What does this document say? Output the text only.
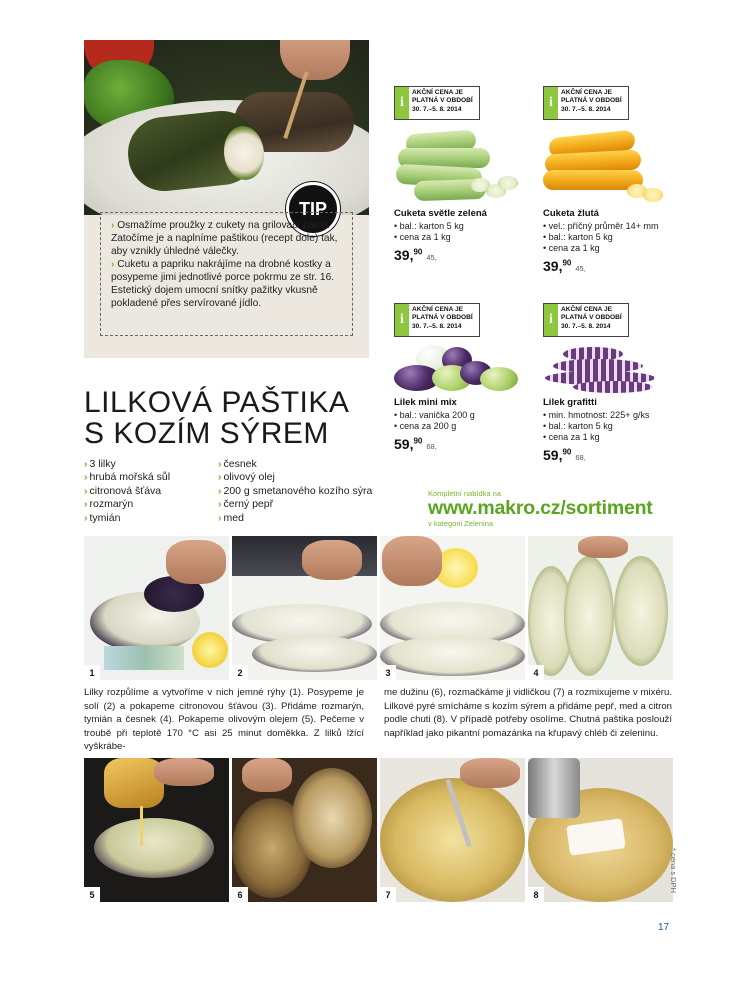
TIP

› Osmažíme proužky z cukety na grilovací pánvi. Zatočíme je a naplníme paštikou (recept dole) tak, aby vznikly úhledné válečky.

› Cuketu a papriku nakrájíme na drobné kostky a posypeme jimi jednotlivé porce pokrmu ze str. 16. Estetický dojem umocní snítky pažitky vkusně pokladené přes servírované jídlo.

i
AKČNÍ CENA JE
PLATNÁ V OBDOBÍ
30. 7.–5. 8. 2014
Cuketa světle zelená
• bal.: karton 5 kg
• cena za 1 kg
39,90
45,
i
AKČNÍ CENA JE
PLATNÁ V OBDOBÍ
30. 7.–5. 8. 2014
Cuketa žlutá
• vel.: příčný průměr 14+ mm
• bal.: karton 5 kg
• cena za 1 kg
39,90
45,
i
AKČNÍ CENA JE
PLATNÁ V OBDOBÍ
30. 7.–5. 8. 2014
Lilek mini mix
• bal.: vanička 200 g
• cena za 200 g
59,90
68,
i
AKČNÍ CENA JE
PLATNÁ V OBDOBÍ
30. 7.–5. 8. 2014
Lilek grafitti
• min. hmotnost: 225+ g/ks
• bal.: karton 5 kg
• cena za 1 kg
59,90
68,
LILKOVÁ PAŠTIKA
S KOZÍM SÝREM
› 3 lilky
› hrubá mořská sůl
› citronová šťáva
› rozmarýn
› tymián
› česnek
› olivový olej
› 200 g smetanového kozího sýra
› černý pepř
› med
Kompletní nabídka na
www.makro.cz/sortiment
v kategorii Zelenina
1	2	3	4
Lilky rozpůlíme a vytvoříme v nich jemné rýhy (1). Posypeme je solí (2) a pokapeme citronovou šťávou (3). Přidáme rozmarýn, tymián a česnek (4). Pokapeme olivovým olejem (5). Pečeme v troubě při teplotě 170 °C asi 25 minut doměkka. Z lilků lžící vyškrábe-
me dužinu (6), rozmačkáme ji vidličkou (7) a rozmixujeme v mixéru. Lilkové pyré smícháme s kozím sýrem a přidáme pepř, med a citron podle chuti (8). V případě potřeby osolíme. Chutná paštika poslouží například jako pikantní pomazánka na křupavý chléb či zeleninu.
5	6	7	8
* cena s DPH
17
